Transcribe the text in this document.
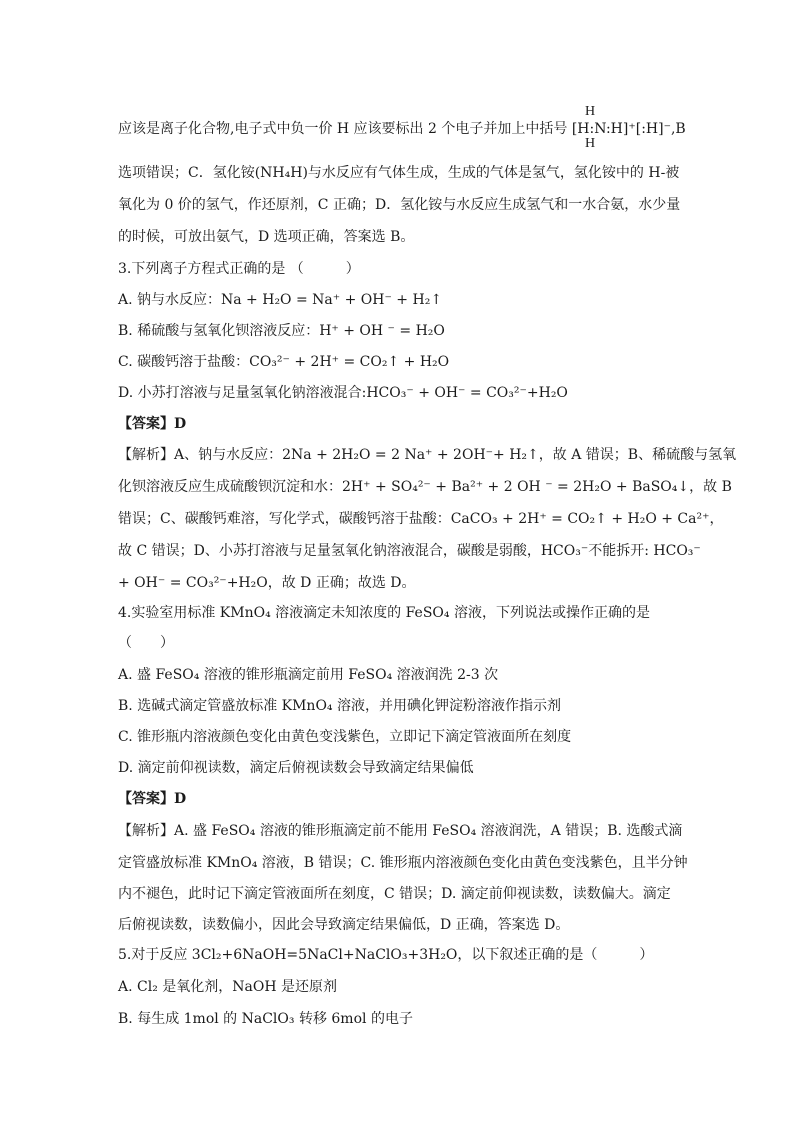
H
H
应该是离子化合物,电子式中负一价 H 应该要标出 2 个电子并加上中括号 [H:N:H]⁺[:H]⁻,B
选项错误；C．氢化铵(NH₄H)与水反应有气体生成，生成的气体是氢气，氢化铵中的 H-被
氧化为 0 价的氢气，作还原剂，C 正确；D．氢化铵与水反应生成氢气和一水合氨，水少量
的时候，可放出氨气，D 选项正确，答案选 B。
3.下列离子方程式正确的是 （　　　）
A. 钠与水反应：Na + H₂O = Na⁺ + OH⁻ + H₂↑
B. 稀硫酸与氢氧化钡溶液反应：H⁺ + OH ⁻ = H₂O
C. 碳酸钙溶于盐酸：CO₃²⁻ + 2H⁺ = CO₂↑ + H₂O
D. 小苏打溶液与足量氢氧化钠溶液混合:HCO₃⁻ + OH⁻ = CO₃²⁻+H₂O
【答案】D
【解析】A、钠与水反应：2Na + 2H₂O = 2 Na⁺ + 2OH⁻+ H₂↑，故 A 错误；B、稀硫酸与氢氧
化钡溶液反应生成硫酸钡沉淀和水：2H⁺ + SO₄²⁻ + Ba²⁺ + 2 OH ⁻ = 2H₂O + BaSO₄↓，故 B
错误；C、碳酸钙难溶，写化学式，碳酸钙溶于盐酸：CaCO₃ + 2H⁺ = CO₂↑ + H₂O + Ca²⁺，
故 C 错误；D、小苏打溶液与足量氢氧化钠溶液混合，碳酸是弱酸，HCO₃⁻不能拆开: HCO₃⁻
+ OH⁻ = CO₃²⁻+H₂O，故 D 正确；故选 D。
4.实验室用标准 KMnO₄ 溶液滴定未知浓度的 FeSO₄ 溶液，下列说法或操作正确的是
（　　）
A. 盛 FeSO₄ 溶液的锥形瓶滴定前用 FeSO₄ 溶液润洗 2-3 次
B. 选碱式滴定管盛放标准 KMnO₄ 溶液，并用碘化钾淀粉溶液作指示剂
C. 锥形瓶内溶液颜色变化由黄色变浅紫色，立即记下滴定管液面所在刻度
D. 滴定前仰视读数，滴定后俯视读数会导致滴定结果偏低
【答案】D
【解析】A. 盛 FeSO₄ 溶液的锥形瓶滴定前不能用 FeSO₄ 溶液润洗，A 错误；B. 选酸式滴
定管盛放标准 KMnO₄ 溶液，B 错误；C. 锥形瓶内溶液颜色变化由黄色变浅紫色，且半分钟
内不褪色，此时记下滴定管液面所在刻度，C 错误；D. 滴定前仰视读数，读数偏大。滴定
后俯视读数，读数偏小，因此会导致滴定结果偏低，D 正确，答案选 D。
5.对于反应 3Cl₂+6NaOH=5NaCl+NaClO₃+3H₂O，以下叙述正确的是（　　　）
A. Cl₂ 是氧化剂，NaOH 是还原剂
B. 每生成 1mol 的 NaClO₃ 转移 6mol 的电子
